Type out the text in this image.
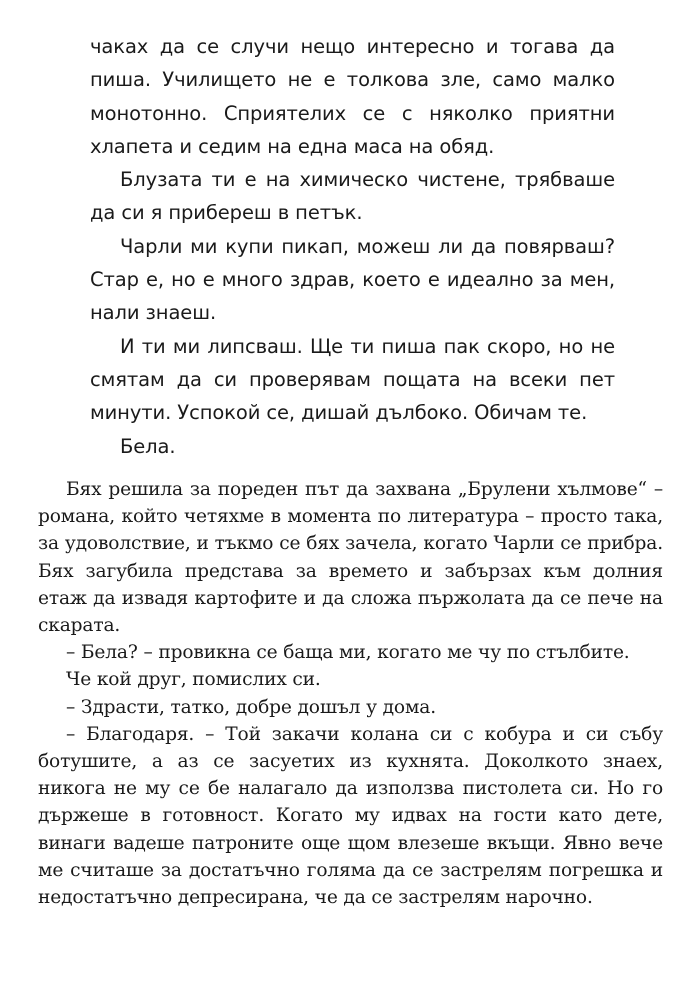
чаках да се случи нещо интересно и тогава да пиша. Училището не е толкова зле, само малко монотонно. Сприятелих се с няколко приятни хлапета и седим на една маса на обяд.

Блузата ти е на химическо чистене, трябваше да си я прибереш в петък.

Чарли ми купи пикап, можеш ли да повярваш? Стар е, но е много здрав, което е идеално за мен, нали знаеш.

И ти ми липсваш. Ще ти пиша пак скоро, но не смятам да си проверявам пощата на всеки пет минути. Успокой се, дишай дълбоко. Обичам те.

Бела.

Бях решила за пореден път да захвана „Брулени хълмове“ – романа, който четяхме в момента по литература – просто така, за удоволствие, и тъкмо се бях зачела, когато Чарли се прибра. Бях загубила представа за времето и забързах към долния етаж да извадя картофите и да сложа пържолата да се пече на скарата.

– Бела? – провикна се баща ми, когато ме чу по стълбите.

Че кой друг, помислих си.

– Здрасти, татко, добре дошъл у дома.

– Благодаря. – Той закачи колана си с кобура и си събу ботушите, а аз се засуетих из кухнята. Доколкото знаех, никога не му се бе налагало да използва пистолета си. Но го държеше в готовност. Когато му идвах на гости като дете, винаги вадеше патроните още щом влезеше вкъщи. Явно вече ме считаше за достатъчно голяма да се застрелям погрешка и недостатъчно депресирана, че да се застрелям нарочно.
